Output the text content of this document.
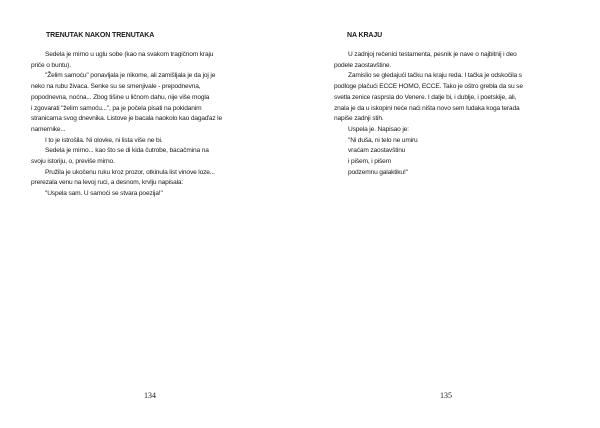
TRENUTAK NAKON TRENUTAKA
Sedela je mirno u uglu sobe (kao na svakom tragičnom kraju
priče o buntu).
"Želim samoću" ponavljala je nikome, ali zamišljala je da joj je
neko na rubu živaca. Senke su se smenjivale - prepodnevna,
popodnevna, noćna... Zbog tišine u ličnom dahu, nije više mogla
i zgovarati "želim samoću...", pa je počela pisati na pokidanim
stranicama svog dnevnika. Listove je bacala naokolo kao dagaďaz le
namernike...
I to je istrošila. Ni olovke, ni lista više ne bi.
Sedela je mirno... kao što se di kida čutrobe, bacačmina na
svoju istoriju, o, previše mirno.
Pružila je ukočenu ruku kroz prozor, otkinula list vinove loze...
prerezala venu na levoj ruci, a desnom, krvlju napisala:
"Uspela sam. U samoći se stvara poezija!"

134

NA KRAJU
U zadnjoj rečenici testamenta, pesnik je nave o najbitnij i deo
podele zaostavštine.
Zamislio se gledajući tačku na kraju reda. I tačka je odskočila s
podloge plačući ECCE HOMO, ECCE. Tako je oštro grebla da su se
svetla zenice rasprsla do Venere. I dalje bi, i dublje, i poetskije, ali,
znala je da u iskopini neće naći ništa novo sem ludaka koga terada
napiše zadnji stih.
Uspela je. Napisao je:
"Ni duša, ni telo ne umiru
vraćam zaostavštinu
i pišem, i pišem
podzemnu galaktiku!"

135
